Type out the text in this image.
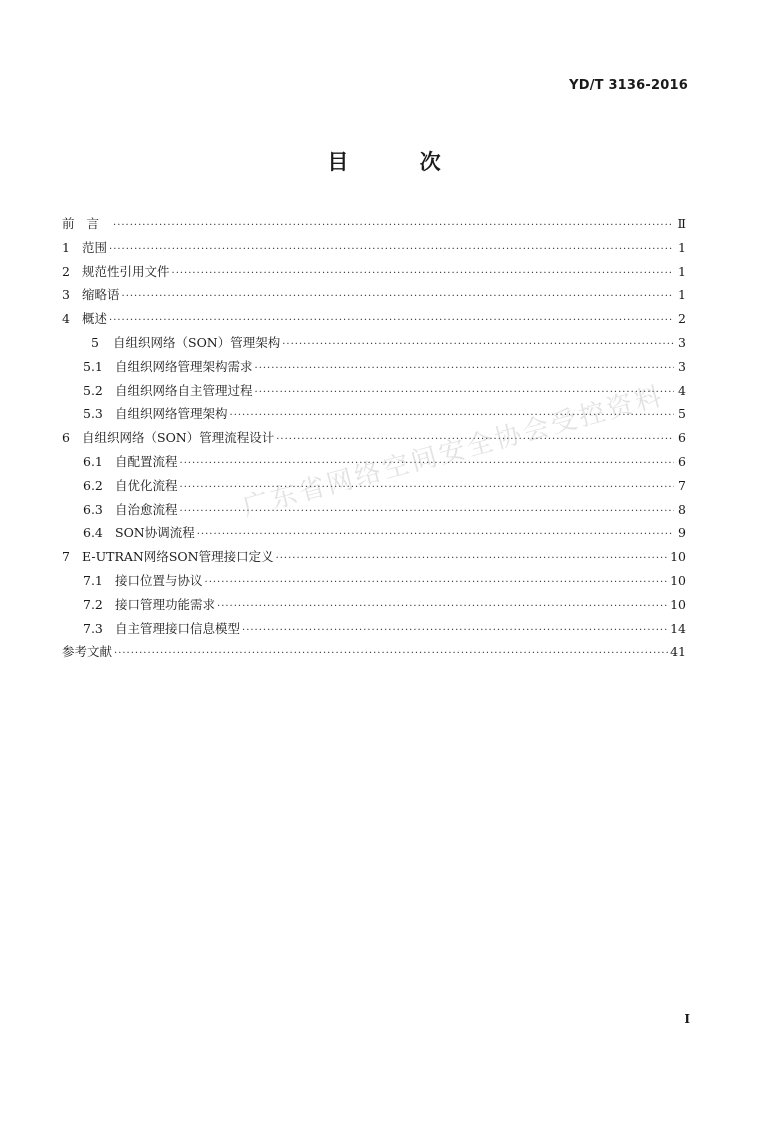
YD/T 3136-2016
目 次
前言 ·····	Ⅱ
1 范围 ·····	1
2 规范性引用文件 ·····	1
3 缩略语 ·····	1
4 概述 ·····	2
5	自组织网络（SON）管理架构 ·····	3
5.1 自组织网络管理架构需求 ·····	3
5.2 自组织网络自主管理过程 ·····	4
5.3 自组织网络管理架构 ·····	5
6 自组织网络（SON）管理流程设计 ·····	6
6.1 自配置流程 ·····	6
6.2 自优化流程 ·····	7
6.3 自治愈流程 ·····	8
6.4 SON协调流程 ·····	9
7 E-UTRAN网络SON管理接口定义 ·····	10
7.1 接口位置与协议 ·····	10
7.2 接口管理功能需求 ·····	10
7.3 自主管理接口信息模型 ·····	14
参考文献 ·····	41
广东省网络空间安全协会受控资料
I
